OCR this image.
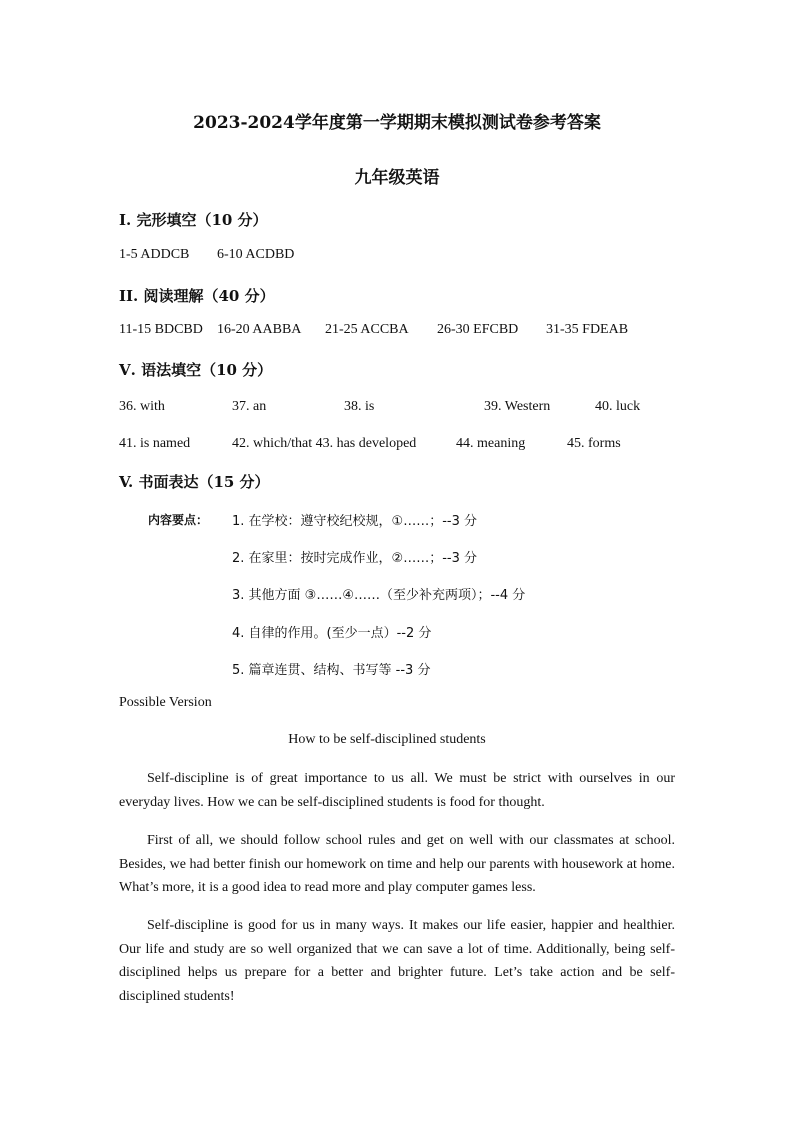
2023-2024学年度第一学期期末模拟测试卷参考答案
九年级英语
I. 完形填空（10 分）
1-5 ADDCB 6-10 ACDBD
II. 阅读理解（40 分）
11-15 BDCBD 16-20 AABBA 21-25 ACCBA 26-30 EFCBD 31-35 FDEAB
Ⅴ. 语法填空（10 分）
36. with	37. an	38. is	39. Western	40. luck
41. is named	42. which/that 43. has developed	44. meaning	45. forms
V. 书面表达（15 分）
内容要点： 1. 在学校：遵守校纪校规，①……；--3 分
2. 在家里：按时完成作业，②……；--3 分
3. 其他方面 ③……④……（至少补充两项）；--4 分
4. 自律的作用。(至少一点）--2 分
5. 篇章连贯、结构、书写等 --3 分
Possible Version
How to be self-disciplined students
Self-discipline is of great importance to us all. We must be strict with ourselves in our everyday lives. How we can be self-disciplined students is food for thought.
First of all, we should follow school rules and get on well with our classmates at school. Besides, we had better finish our homework on time and help our parents with housework at home. What’s more, it is a good idea to read more and play computer games less.
Self-discipline is good for us in many ways. It makes our life easier, happier and healthier. Our life and study are so well organized that we can save a lot of time. Additionally, being self-disciplined helps us prepare for a better and brighter future. Let’s take action and be self-disciplined students!
